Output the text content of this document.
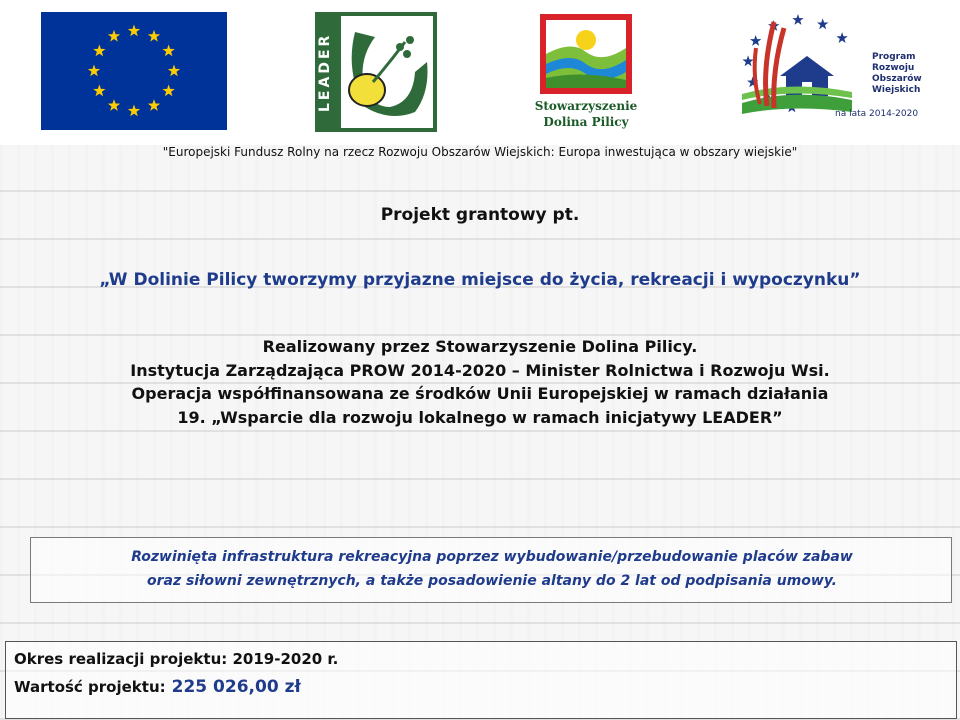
LEADER	Stowarzyszenie
Dolina Pilicy
Program
Rozwoju
Obszarów
Wiejskich
na lata 2014-2020
"Europejski Fundusz Rolny na rzecz Rozwoju Obszarów Wiejskich: Europa inwestująca w obszary wiejskie"
Projekt grantowy pt.
„W Dolinie Pilicy tworzymy przyjazne miejsce do życia, rekreacji i wypoczynku”
Realizowany przez Stowarzyszenie Dolina Pilicy.
Instytucja Zarządzająca PROW 2014-2020 – Minister Rolnictwa i Rozwoju Wsi.
Operacja współfinansowana ze środków Unii Europejskiej w ramach działania
19. „Wsparcie dla rozwoju lokalnego w ramach inicjatywy LEADER”
Rozwinięta infrastruktura rekreacyjna poprzez wybudowanie/przebudowanie placów zabaw
oraz siłowni zewnętrznych, a także posadowienie altany do 2 lat od podpisania umowy.
Okres realizacji projektu: 2019-2020 r.
Wartość projektu: 225 026,00 zł
